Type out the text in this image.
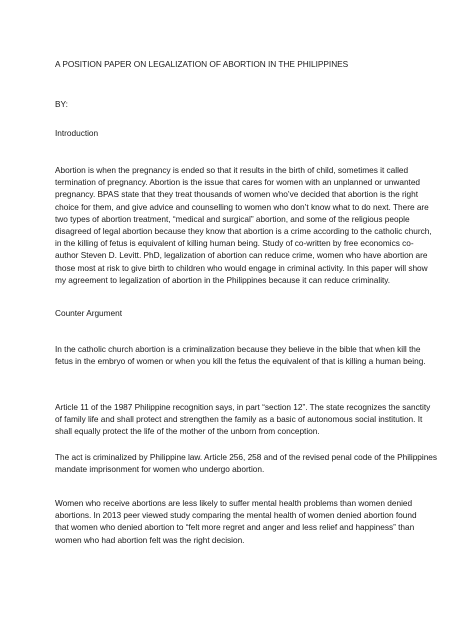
A POSITION PAPER ON LEGALIZATION OF ABORTION IN THE PHILIPPINES

BY:

Introduction

Abortion is when the pregnancy is ended so that it results in the birth of child, sometimes it called
termination of pregnancy. Abortion is the issue that cares for women with an unplanned or unwanted
pregnancy. BPAS state that they treat thousands of women who’ve decided that abortion is the right
choice for them, and give advice and counselling to women who don’t know what to do next. There are
two types of abortion treatment, “medical and surgical” abortion, and some of the religious people
disagreed of legal abortion because they know that abortion is a crime according to the catholic church,
in the killing of fetus is equivalent of killing human being. Study of co-written by free economics co-
author Steven D. Levitt. PhD, legalization of abortion can reduce crime, women who have abortion are
those most at risk to give birth to children who would engage in criminal activity. In this paper will show
my agreement to legalization of abortion in the Philippines because it can reduce criminality.

Counter Argument

In the catholic church abortion is a criminalization because they believe in the bible that when kill the
fetus in the embryo of women or when you kill the fetus the equivalent of that is killing a human being.
Article 11 of the 1987 Philippine recognition says, in part “section 12”. The state recognizes the sanctity
of family life and shall protect and strengthen the family as a basic of autonomous social institution. It
shall equally protect the life of the mother of the unborn from conception.
The act is criminalized by Philippine law. Article 256, 258 and of the revised penal code of the Philippines
mandate imprisonment for women who undergo abortion.
Women who receive abortions are less likely to suffer mental health problems than women denied
abortions. In 2013 peer viewed study comparing the mental health of women denied abortion found
that women who denied abortion to “felt more regret and anger and less relief and happiness” than
women who had abortion felt was the right decision.
